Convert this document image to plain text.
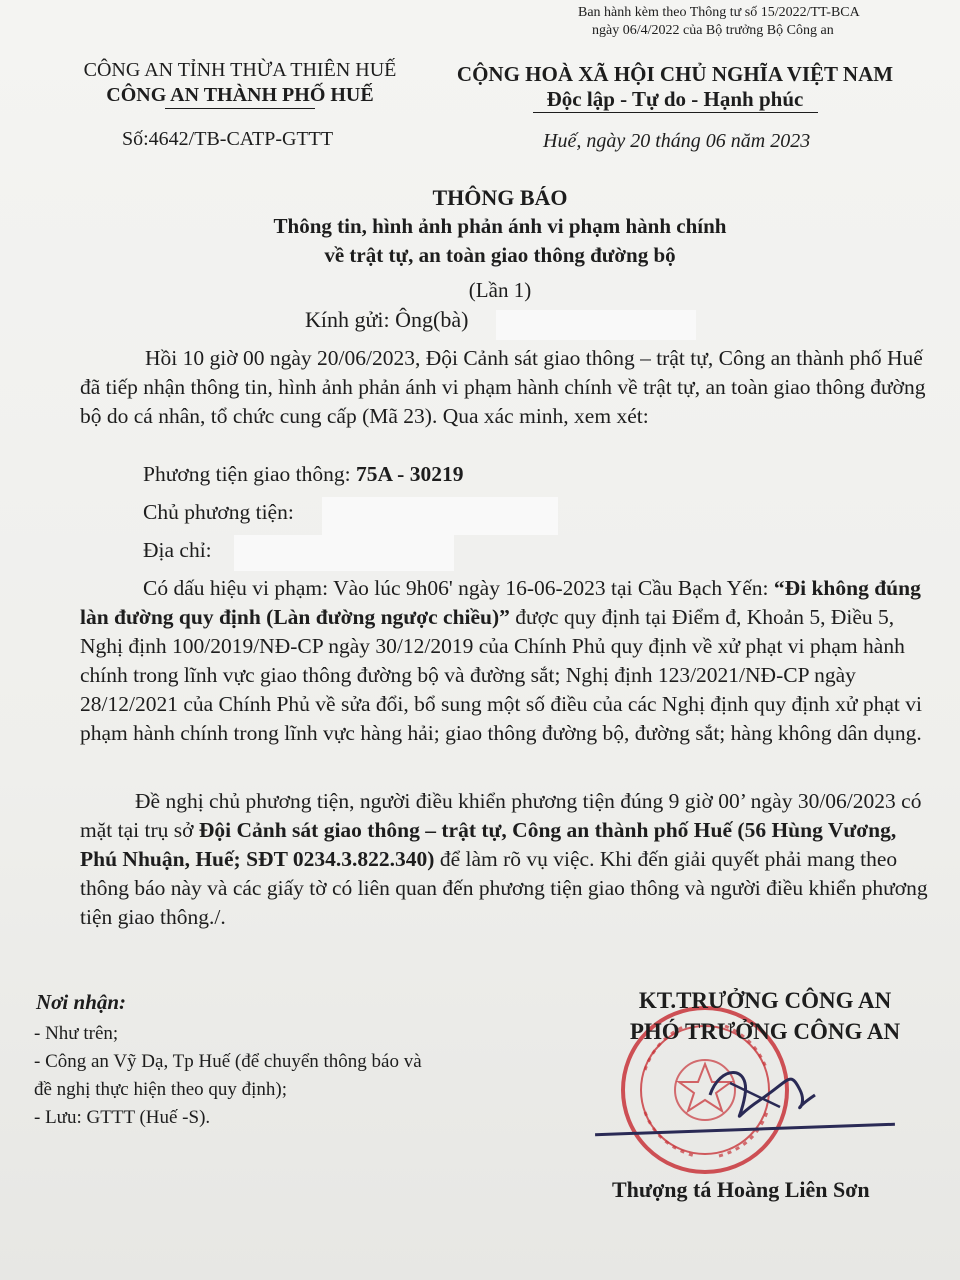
Ban hành kèm theo Thông tư số 15/2022/TT-BCA
ngày 06/4/2022 của Bộ trưởng Bộ Công an
CÔNG AN TỈNH THỪA THIÊN HUẾ
CÔNG AN THÀNH PHỐ HUẾ
CỘNG HOÀ XÃ HỘI CHỦ NGHĨA VIỆT NAM
Độc lập - Tự do - Hạnh phúc
Số:4642/TB-CATP-GTTT	Huế, ngày 20 tháng 06 năm 2023
THÔNG BÁO
Thông tin, hình ảnh phản ánh vi phạm hành chính
về trật tự, an toàn giao thông đường bộ
(Lần 1)
Kính gửi: Ông(bà)
Hồi 10 giờ 00 ngày 20/06/2023, Đội Cảnh sát giao thông – trật tự, Công an thành phố Huế đã tiếp nhận thông tin, hình ảnh phản ánh vi phạm hành chính về trật tự, an toàn giao thông đường bộ do cá nhân, tổ chức cung cấp (Mã 23). Qua xác minh, xem xét:
Phương tiện giao thông: 75A - 30219
Chủ phương tiện:
Địa chỉ:
Có dấu hiệu vi phạm: Vào lúc 9h06' ngày 16-06-2023 tại Cầu Bạch Yến: “Đi không đúng làn đường quy định (Làn đường ngược chiều)” được quy định tại Điểm đ, Khoản 5, Điều 5, Nghị định 100/2019/NĐ-CP ngày 30/12/2019 của Chính Phủ quy định về xử phạt vi phạm hành chính trong lĩnh vực giao thông đường bộ và đường sắt; Nghị định 123/2021/NĐ-CP ngày 28/12/2021 của Chính Phủ về sửa đổi, bổ sung một số điều của các Nghị định quy định xử phạt vi phạm hành chính trong lĩnh vực hàng hải; giao thông đường bộ, đường sắt; hàng không dân dụng.
Đề nghị chủ phương tiện, người điều khiển phương tiện đúng 9 giờ 00’ ngày 30/06/2023 có mặt tại trụ sở Đội Cảnh sát giao thông – trật tự, Công an thành phố Huế (56 Hùng Vương, Phú Nhuận, Huế; SĐT 0234.3.822.340) để làm rõ vụ việc. Khi đến giải quyết phải mang theo thông báo này và các giấy tờ có liên quan đến phương tiện giao thông và người điều khiển phương tiện giao thông./.
Nơi nhận:
- Như trên;
- Công an Vỹ Dạ, Tp Huế (để chuyển thông báo và
đề nghị thực hiện theo quy định);
- Lưu: GTTT (Huế -S).
KT.TRƯỞNG CÔNG AN
PHÓ TRƯỞNG CÔNG AN
Thượng tá Hoàng Liên Sơn
